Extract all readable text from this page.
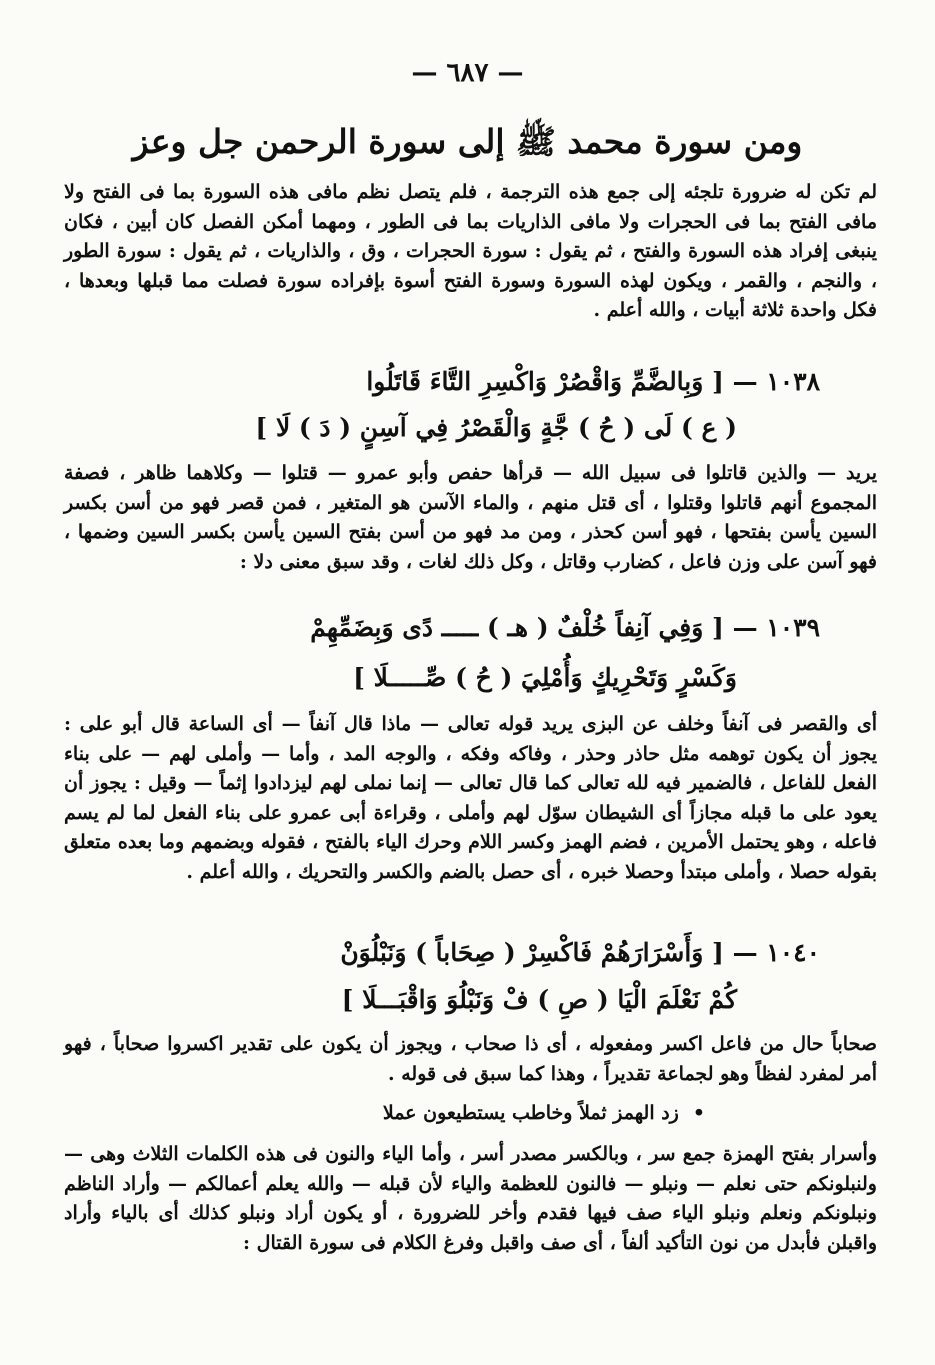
— ٦٨٧ —
ومن سورة محمد ﷺ إلى سورة الرحمن جل وعز
لم تكن له ضرورة تلجئه إلى جمع هذه الترجمة ، فلم يتصل نظم مافى هذه السورة بما فى الفتح ولا مافى الفتح بما فى الحجرات ولا مافى الذاريات بما فى الطور ، ومهما أمكن الفصل كان أبين ، فكان ينبغى إفراد هذه السورة والفتح ، ثم يقول : سورة الحجرات ، وق ، والذاريات ، ثم يقول : سورة الطور ، والنجم ، والقمر ، ويكون لهذه السورة وسورة الفتح أسوة بإفراده سورة فصلت مما قبلها وبعدها ، فكل واحدة ثلاثة أبيات ، والله أعلم .
١٠٣٨ — [ وَبِالضَّمِّ وَاقْصُرْ وَاكْسِرِ التَّاءَ قَاتَلُوا
( ع ) لَى ( حُ ) جَّةٍ وَالْقَصْرُ فِي آسِنٍ ( دَ ) لَا ]
يريد — والذين قاتلوا فى سبيل الله — قرأها حفص وأبو عمرو — قتلوا — وكلاهما ظاهر ، فصفة المجموع أنهم قاتلوا وقتلوا ، أى قتل منهم ، والماء الآسن هو المتغير ، فمن قصر فهو من أسن بكسر السين يأسن بفتحها ، فهو أسن كحذر ، ومن مد فهو من أسن بفتح السين يأسن بكسر السين وضمها ، فهو آسن على وزن فاعل ، كضارب وقاتل ، وكل ذلك لغات ، وقد سبق معنى دلا :
١٠٣٩ — [ وَفِي آنِفاً خُلْفٌ ( هـ ) ـــــ دًى وَبِضَمِّهِمْ
وَكَسْرٍ وَتَحْرِيكٍ وَأُمْلِيَ ( حُ ) صِّـــــلَا ]
أى والقصر فى آنفاً وخلف عن البزى يريد قوله تعالى — ماذا قال آنفاً — أى الساعة قال أبو على : يجوز أن يكون توهمه مثل حاذر وحذر ، وفاكه وفكه ، والوجه المد ، وأما — وأملى لهم — على بناء الفعل للفاعل ، فالضمير فيه لله تعالى كما قال تعالى — إنما نملى لهم ليزدادوا إثماً — وقيل : يجوز أن يعود على ما قبله مجازاً أى الشيطان سوّل لهم وأملى ، وقراءة أبى عمرو على بناء الفعل لما لم يسم فاعله ، وهو يحتمل الأمرين ، فضم الهمز وكسر اللام وحرك الياء بالفتح ، فقوله وبضمهم وما بعده متعلق بقوله حصلا ، وأملى مبتدأ وحصلا خبره ، أى حصل بالضم والكسر والتحريك ، والله أعلم .
١٠٤٠ — [ وَأَسْرَارَهُمْ فَاكْسِرْ ( صِحَاباً ) وَنَبْلُوَنْ
كُمْ نَعْلَمَ الْيَا ( صِ ) فْ وَنَبْلُوَ وَاقْبَـــلَا ]
صحاباً حال من فاعل اكسر ومفعوله ، أى ذا صحاب ، ويجوز أن يكون على تقدير اكسروا صحاباً ، فهو أمر لمفرد لفظاً وهو لجماعة تقديراً ، وهذا كما سبق فى قوله .
•زد الهمز ثملاً وخاطب يستطيعون عملا
وأسرار بفتح الهمزة جمع سر ، وبالكسر مصدر أسر ، وأما الياء والنون فى هذه الكلمات الثلاث وهى — ولنبلونكم حتى نعلم — ونبلو — فالنون للعظمة والياء لأن قبله — والله يعلم أعمالكم — وأراد الناظم ونبلونكم ونعلم ونبلو الياء صف فيها فقدم وأخر للضرورة ، أو يكون أراد ونبلو كذلك أى بالياء وأراد واقبلن فأبدل من نون التأكيد ألفاً ، أى صف واقبل وفرغ الكلام فى سورة القتال :
